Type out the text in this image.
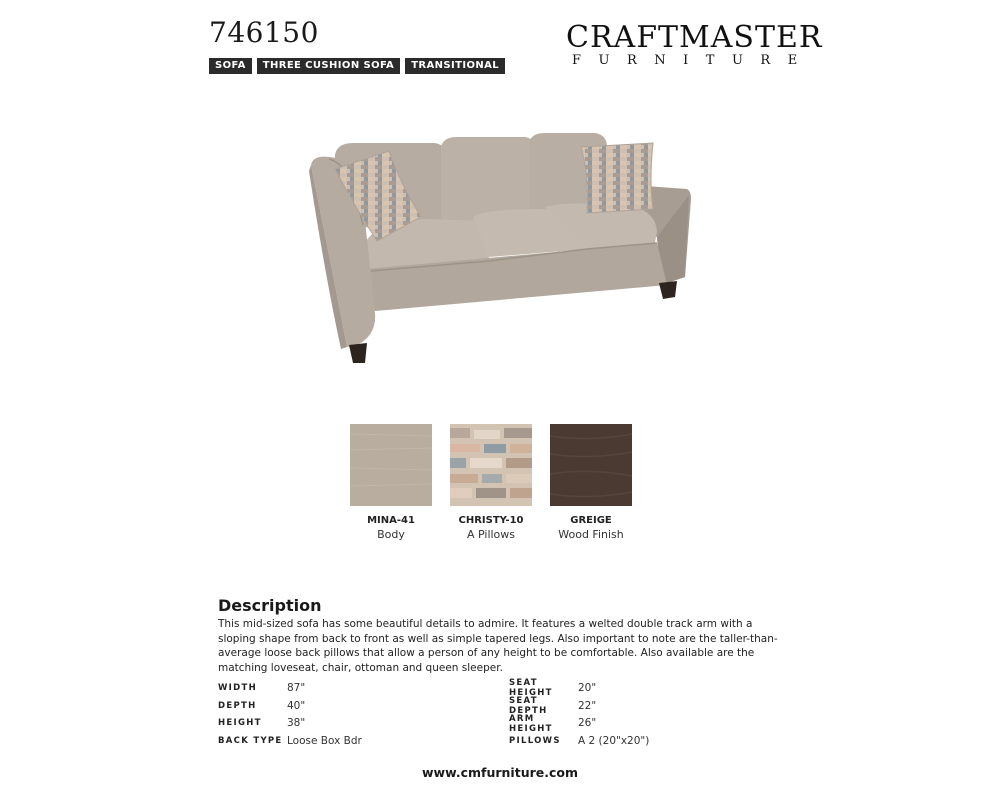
746150
SOFA	THREE CUSHION SOFA	TRANSITIONAL
CRAFTMASTER
FURNITURE
MINA-41
Body
CHRISTY-10
A Pillows
GREIGE
Wood Finish
Description
This mid-sized sofa has some beautiful details to admire. It features a welted double track arm with a sloping shape from back to front as well as simple tapered legs. Also important to note are the taller-than-average loose back pillows that allow a person of any height to be comfortable. Also available are the matching loveseat, chair, ottoman and queen sleeper.
WIDTH	87"
DEPTH	40"
HEIGHT	38"
BACK TYPE Loose Box Bdr
SEAT HEIGHT	20"
SEAT DEPTH	22"
ARM HEIGHT	26"
PILLOWS	A 2 (20"x20")
www.cmfurniture.com
